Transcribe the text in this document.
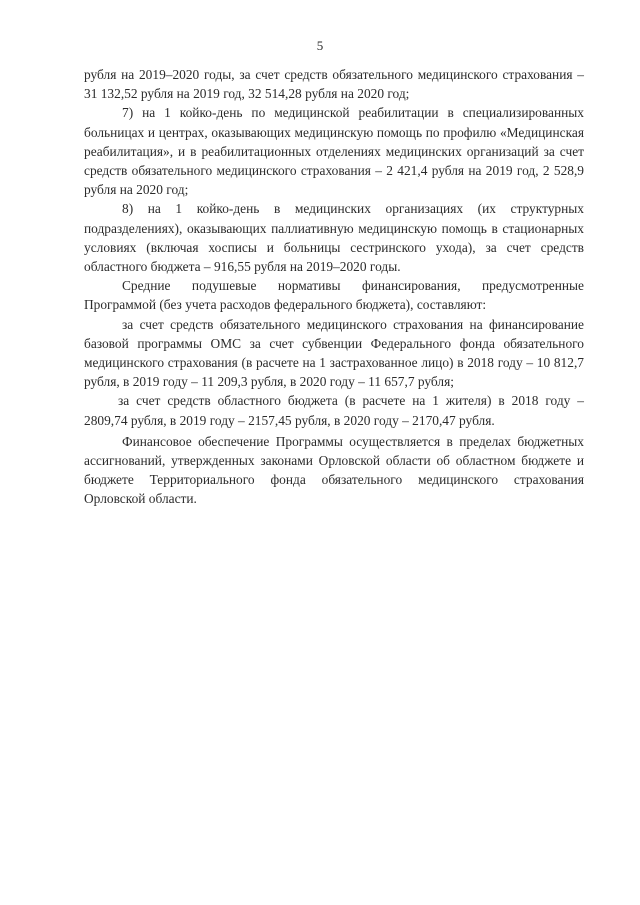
5

рубля на 2019–2020 годы, за счет средств обязательного медицинского страхования – 31 132,52 рубля на 2019 год, 32 514,28 рубля на 2020 год;

7) на 1 койко-день по медицинской реабилитации в специализированных больницах и центрах, оказывающих медицинскую помощь по профилю «Медицинская реабилитация», и в реабилитационных отделениях медицинских организаций за счет средств обязательного медицинского страхования – 2 421,4 рубля на 2019 год, 2 528,9 рубля на 2020 год;

8) на 1 койко-день в медицинских организациях (их структурных подразделениях), оказывающих паллиативную медицинскую помощь в стационарных условиях (включая хосписы и больницы сестринского ухода), за счет средств областного бюджета – 916,55 рубля на 2019–2020 годы.

Средние подушевые нормативы финансирования, предусмотренные Программой (без учета расходов федерального бюджета), составляют:

за счет средств обязательного медицинского страхования на финансирование базовой программы ОМС за счет субвенции Федерального фонда обязательного медицинского страхования (в расчете на 1 застрахованное лицо) в 2018 году – 10 812,7 рубля, в 2019 году – 11 209,3 рубля, в 2020 году – 11 657,7 рубля;

за счет средств областного бюджета (в расчете на 1 жителя) в 2018 году – 2809,74 рубля, в 2019 году – 2157,45 рубля, в 2020 году – 2170,47 рубля.

Финансовое обеспечение Программы осуществляется в пределах бюджетных ассигнований, утвержденных законами Орловской области об областном бюджете и бюджете Территориального фонда обязательного медицинского страхования Орловской области.
